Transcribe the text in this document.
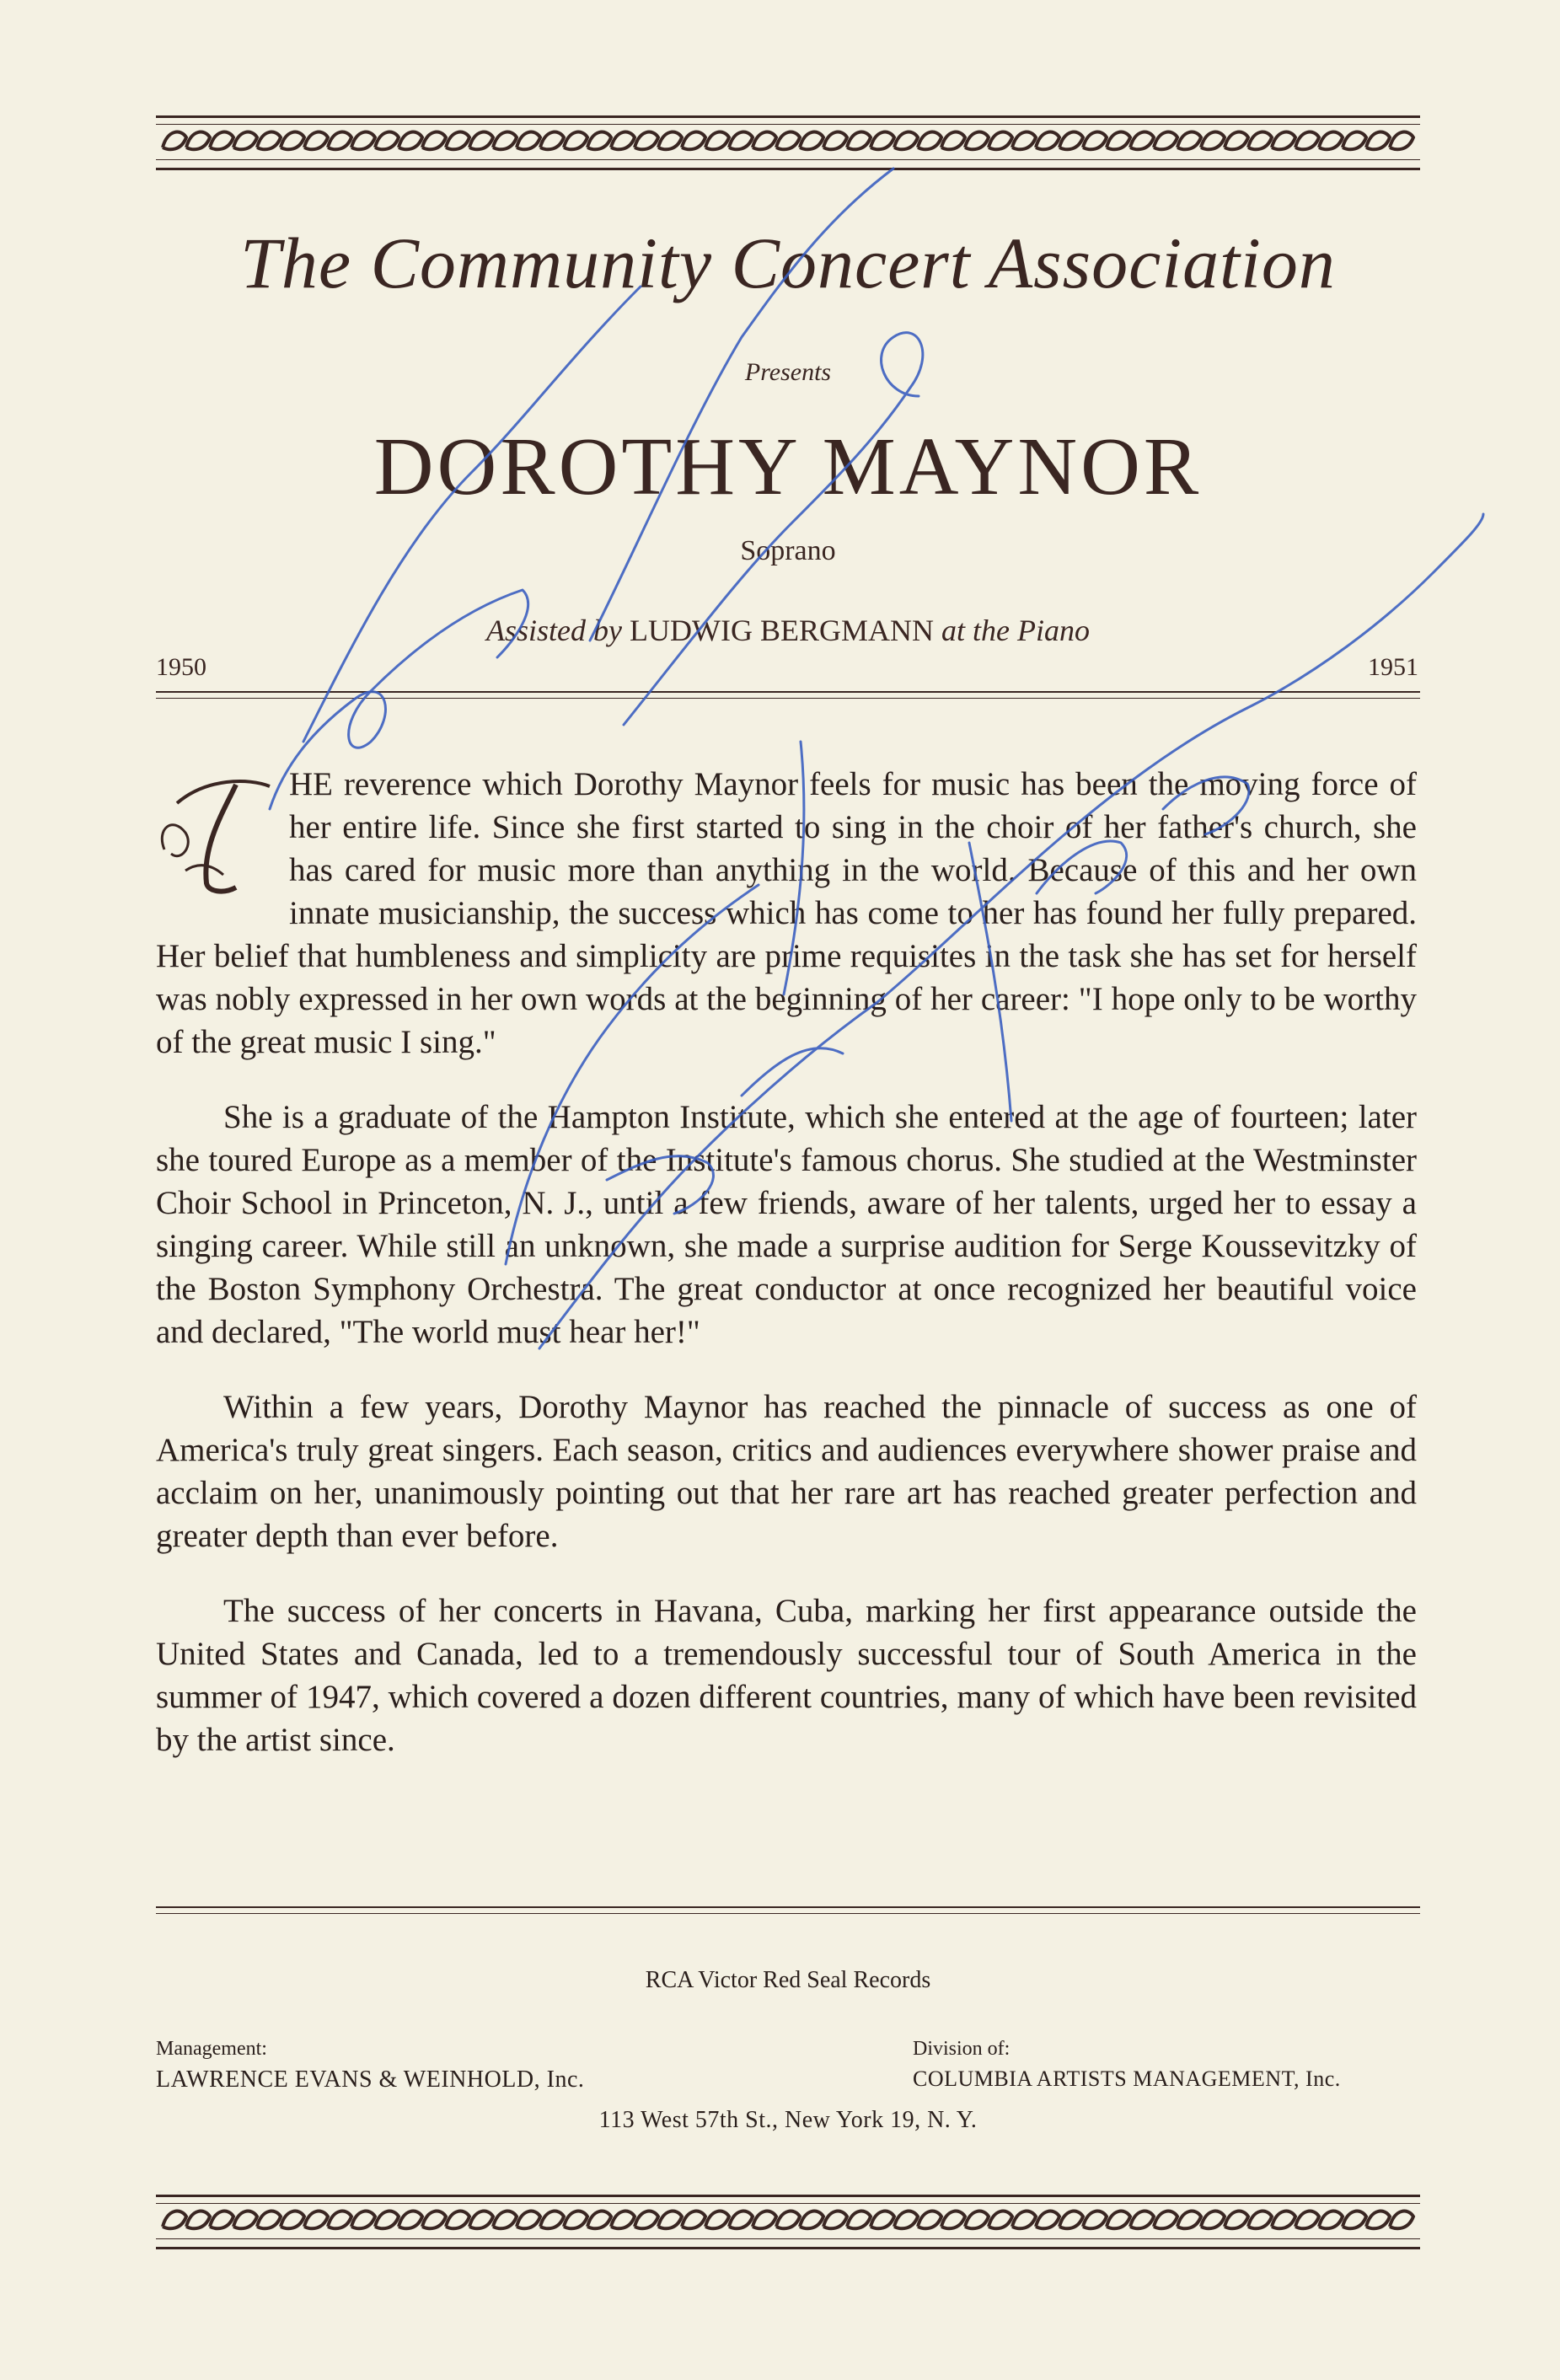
The Community Concert Association
Presents
DOROTHY MAYNOR
Soprano
Assisted by LUDWIG BERGMANN at the Piano
1950	1951

HE reverence which Dorothy Maynor feels for music has been the moving force of her entire life. Since she first started to sing in the choir of her father's church, she has cared for music more than anything in the world. Because of this and her own innate musicianship, the success which has come to her has found her fully prepared. Her belief that humbleness and simplicity are prime requisites in the task she has set for herself was nobly expressed in her own words at the beginning of her career: "I hope only to be worthy of the great music I sing."

She is a graduate of the Hampton Institute, which she entered at the age of fourteen; later she toured Europe as a member of the Institute's famous chorus. She studied at the Westminster Choir School in Princeton, N. J., until a few friends, aware of her talents, urged her to essay a singing career. While still an unknown, she made a surprise audition for Serge Koussevitzky of the Boston Symphony Orchestra. The great conductor at once recognized her beautiful voice and declared, "The world must hear her!"

Within a few years, Dorothy Maynor has reached the pinnacle of success as one of America's truly great singers. Each season, critics and audiences everywhere shower praise and acclaim on her, unanimously pointing out that her rare art has reached greater perfection and greater depth than ever before.

The success of her concerts in Havana, Cuba, marking her first appearance outside the United States and Canada, led to a tremendously successful tour of South America in the summer of 1947, which covered a dozen different countries, many of which have been revisited by the artist since.

RCA Victor Red Seal Records
Management:
LAWRENCE EVANS & WEINHOLD, Inc.
Division of:
COLUMBIA ARTISTS MANAGEMENT, Inc.
113 West 57th St., New York 19, N. Y.
